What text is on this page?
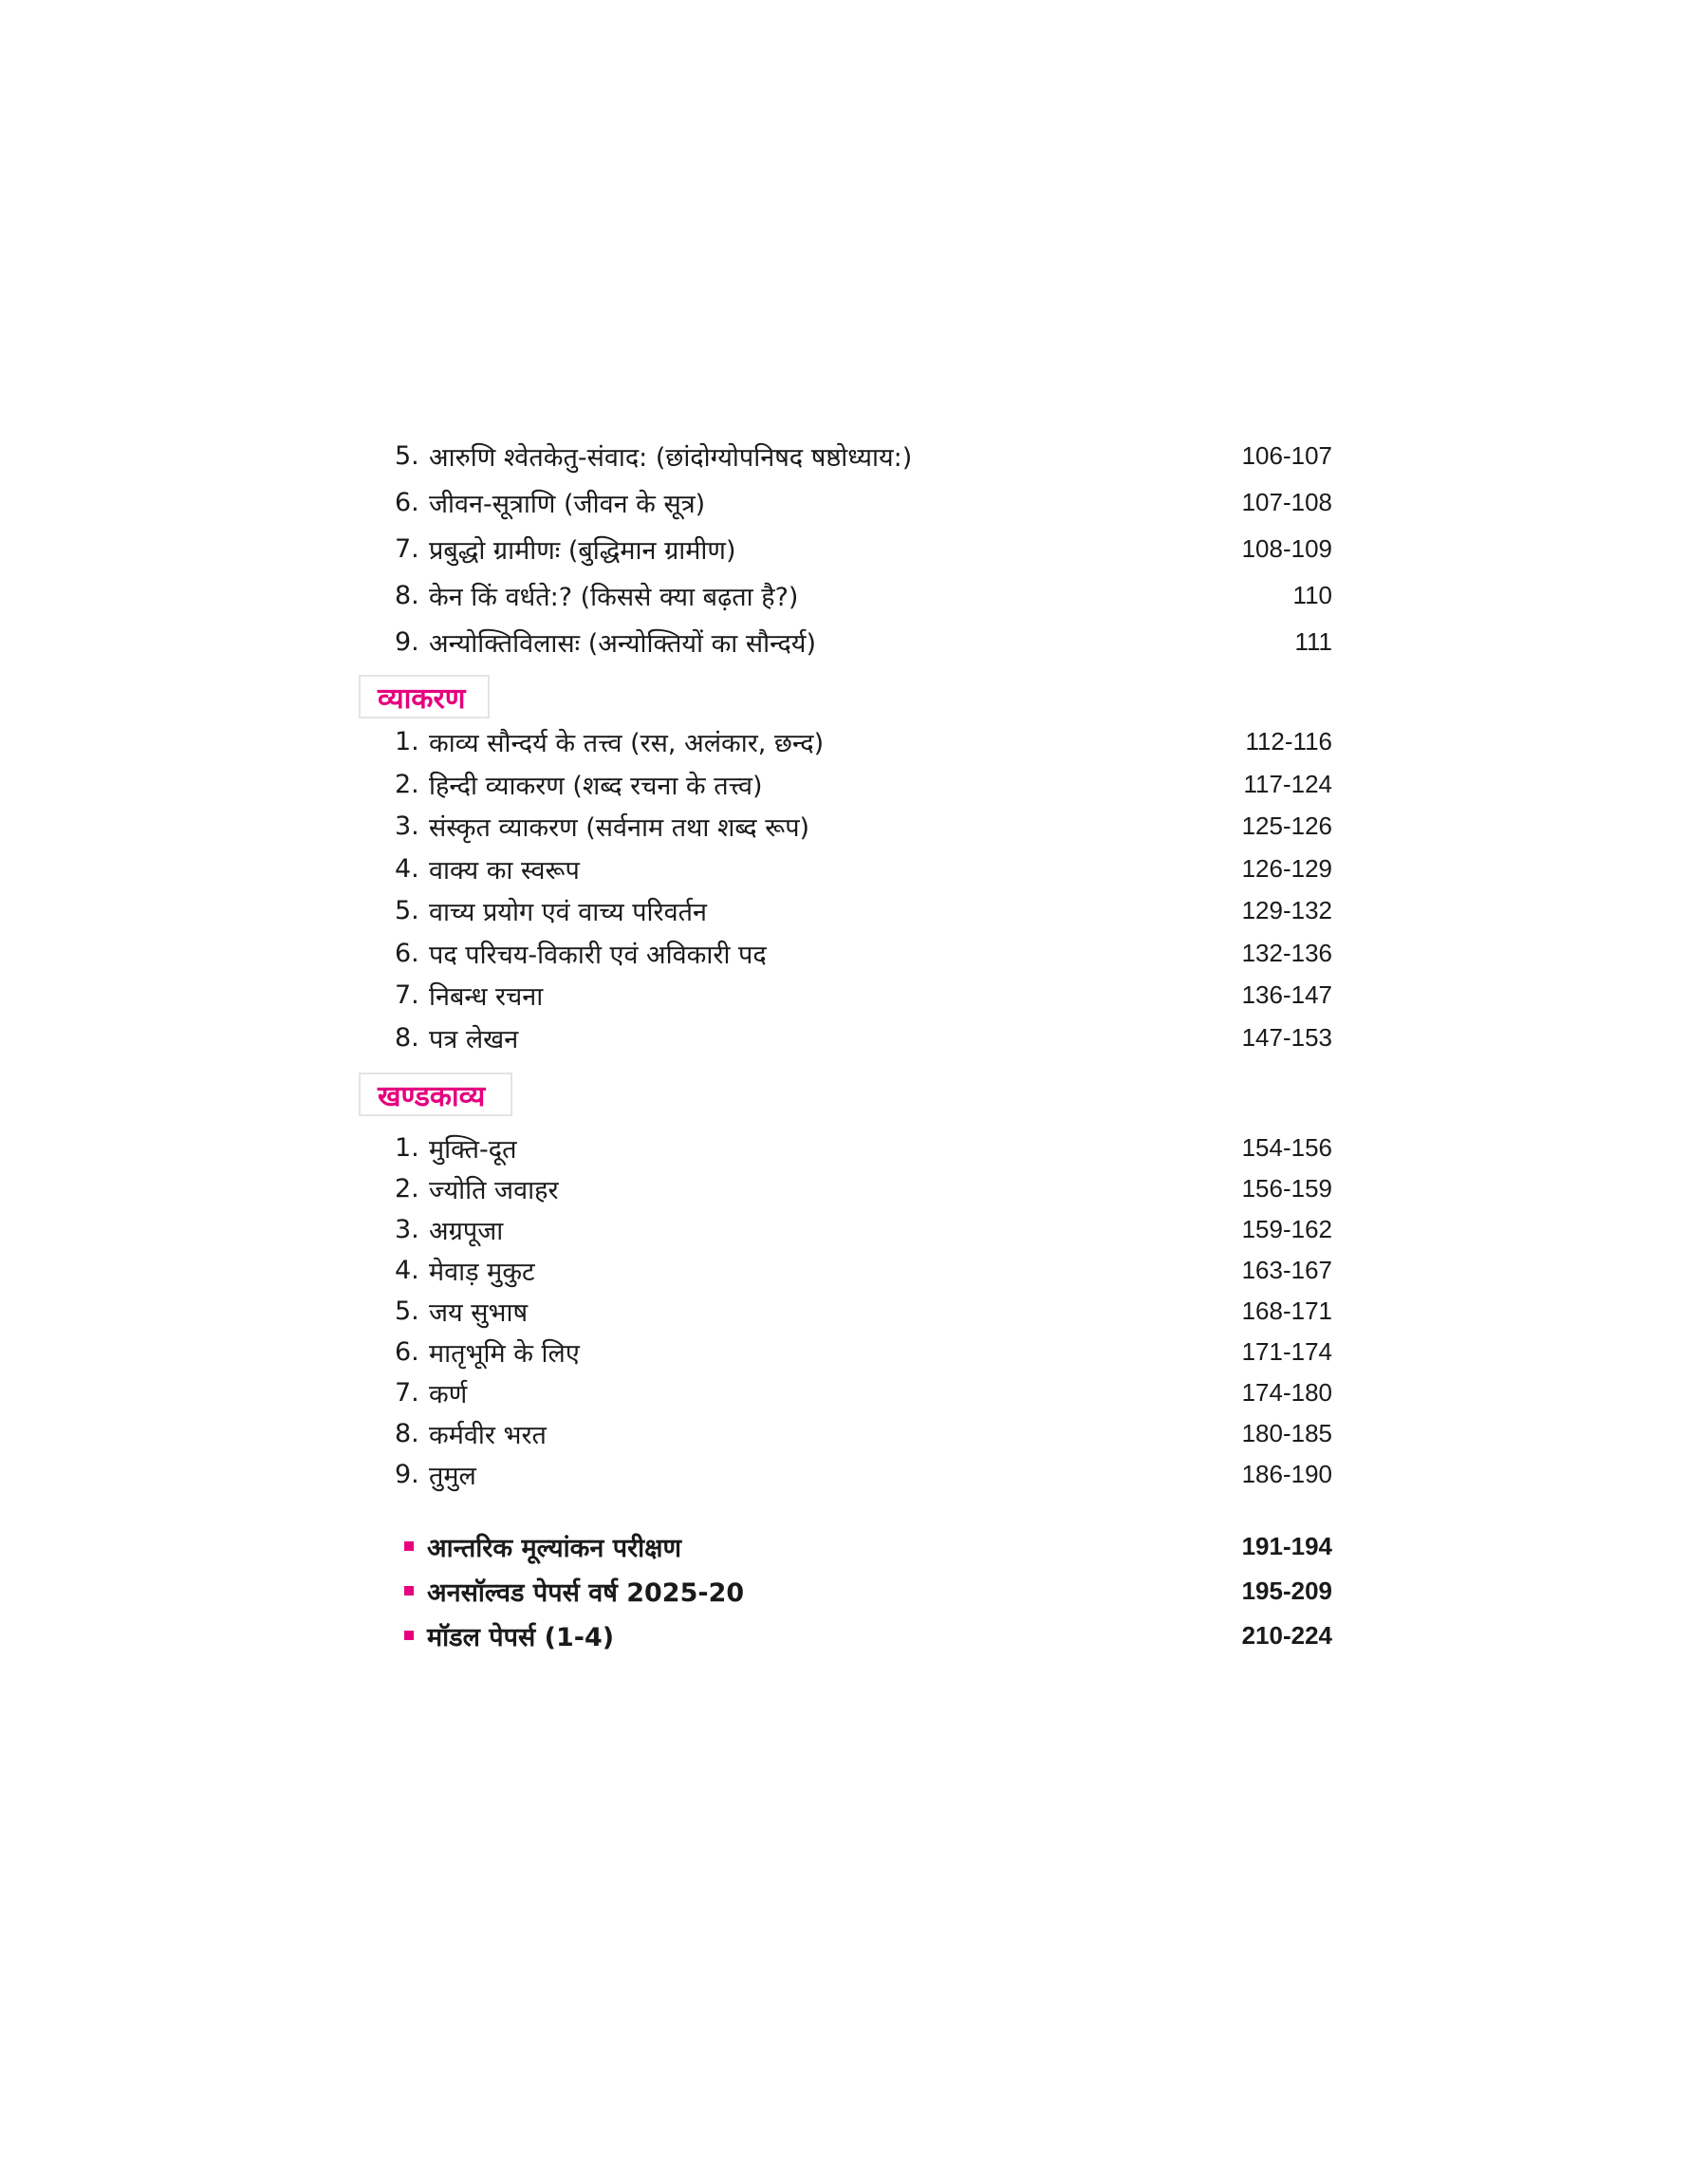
5. आरुणि श्वेतकेतु-संवाद: (छांदोग्योपनिषद षष्ठोध्याय:)	106-107
6. जीवन-सूत्राणि (जीवन के सूत्र)	107-108
7. प्रबुद्धो ग्रामीणः (बुद्धिमान ग्रामीण)	108-109
8. केन किं वर्धते:? (किससे क्या बढ़ता है?)	110
9. अन्योक्तिविलासः (अन्योक्तियों का सौन्दर्य)	111
व्याकरण
1. काव्य सौन्दर्य के तत्त्व (रस, अलंकार, छन्द)	112-116
2. हिन्दी व्याकरण (शब्द रचना के तत्त्व)	117-124
3. संस्कृत व्याकरण (सर्वनाम तथा शब्द रूप)	125-126
4. वाक्य का स्वरूप	126-129
5. वाच्य प्रयोग एवं वाच्य परिवर्तन	129-132
6. पद परिचय-विकारी एवं अविकारी पद	132-136
7. निबन्ध रचना	136-147
8. पत्र लेखन	147-153
खण्डकाव्य
1. मुक्ति-दूत	154-156
2. ज्योति जवाहर	156-159
3. अग्रपूजा	159-162
4. मेवाड़ मुकुट	163-167
5. जय सुभाष	168-171
6. मातृभूमि के लिए	171-174
7. कर्ण	174-180
8. कर्मवीर भरत	180-185
9. तुमुल	186-190
आन्तरिक मूल्यांकन परीक्षण	191-194
अनसॉल्वड पेपर्स वर्ष 2025-20	195-209
मॉडल पेपर्स (1-4)	210-224
